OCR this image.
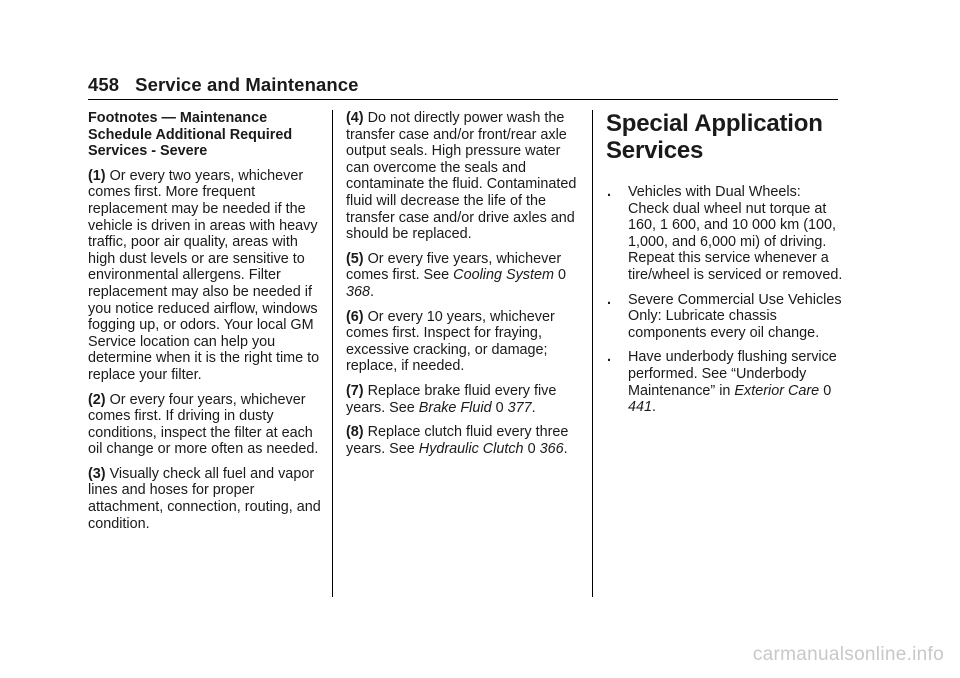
458 Service and Maintenance

Footnotes — Maintenance Schedule Additional Required Services - Severe

(1) Or every two years, whichever comes first. More frequent replacement may be needed if the vehicle is driven in areas with heavy traffic, poor air quality, areas with high dust levels or are sensitive to environmental allergens. Filter replacement may also be needed if you notice reduced airflow, windows fogging up, or odors. Your local GM Service location can help you determine when it is the right time to replace your filter.

(2) Or every four years, whichever comes first. If driving in dusty conditions, inspect the filter at each oil change or more often as needed.

(3) Visually check all fuel and vapor lines and hoses for proper attachment, connection, routing, and condition.

(4) Do not directly power wash the transfer case and/or front/rear axle output seals. High pressure water can overcome the seals and contaminate the fluid. Contaminated fluid will decrease the life of the transfer case and/or drive axles and should be replaced.

(5) Or every five years, whichever comes first. See Cooling System 0 368.

(6) Or every 10 years, whichever comes first. Inspect for fraying, excessive cracking, or damage; replace, if needed.

(7) Replace brake fluid every five years. See Brake Fluid 0 377.

(8) Replace clutch fluid every three years. See Hydraulic Clutch 0 366.

Special Application Services
. Vehicles with Dual Wheels: Check dual wheel nut torque at 160, 1 600, and 10 000 km (100, 1,000, and 6,000 mi) of driving. Repeat this service whenever a tire/wheel is serviced or removed.
. Severe Commercial Use Vehicles Only: Lubricate chassis components every oil change.
. Have underbody flushing service performed. See “Underbody Maintenance” in Exterior Care 0 441.
carmanualsonline.info
